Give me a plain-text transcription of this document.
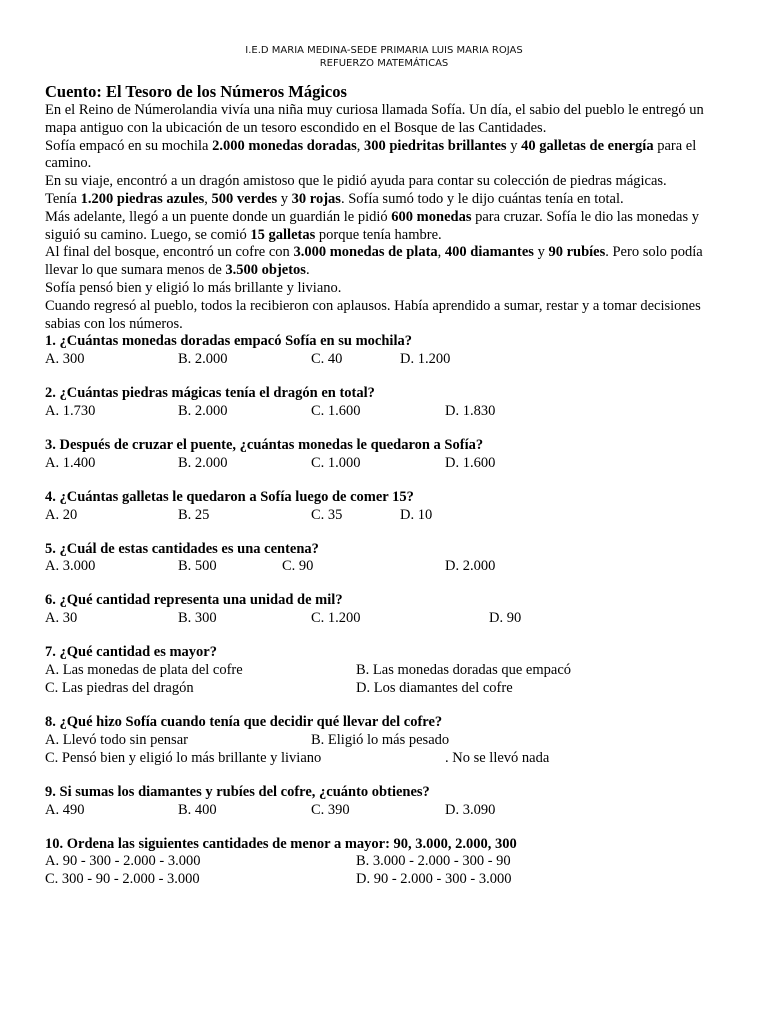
I.E.D MARIA MEDINA-SEDE PRIMARIA LUIS MARIA ROJAS
REFUERZO MATEMÁTICAS
Cuento: El Tesoro de los Números Mágicos

En el Reino de Númerolandia vivía una niña muy curiosa llamada Sofía. Un día, el sabio del pueblo le entregó un mapa antiguo con la ubicación de un tesoro escondido en el Bosque de las Cantidades.

Sofía empacó en su mochila 2.000 monedas doradas, 300 piedritas brillantes y 40 galletas de energía para el camino.

En su viaje, encontró a un dragón amistoso que le pidió ayuda para contar su colección de piedras mágicas.

Tenía 1.200 piedras azules, 500 verdes y 30 rojas. Sofía sumó todo y le dijo cuántas tenía en total.

Más adelante, llegó a un puente donde un guardián le pidió 600 monedas para cruzar. Sofía le dio las monedas y siguió su camino. Luego, se comió 15 galletas porque tenía hambre.

Al final del bosque, encontró un cofre con 3.000 monedas de plata, 400 diamantes y 90 rubíes. Pero solo podía llevar lo que sumara menos de 3.500 objetos.

Sofía pensó bien y eligió lo más brillante y liviano.

Cuando regresó al pueblo, todos la recibieron con aplausos. Había aprendido a sumar, restar y a tomar decisiones sabias con los números.

1. ¿Cuántas monedas doradas empacó Sofía en su mochila?

A. 300	B. 2.000	C. 40	D. 1.200

2. ¿Cuántas piedras mágicas tenía el dragón en total?

A. 1.730	B. 2.000	C. 1.600	D. 1.830

3. Después de cruzar el puente, ¿cuántas monedas le quedaron a Sofía?

A. 1.400	B. 2.000	C. 1.000	D. 1.600

4. ¿Cuántas galletas le quedaron a Sofía luego de comer 15?

A. 20	B. 25	C. 35	D. 10

5. ¿Cuál de estas cantidades es una centena?

A. 3.000	B. 500	C. 90	D. 2.000

6. ¿Qué cantidad representa una unidad de mil?

A. 30	B. 300	C. 1.200	D. 90

7. ¿Qué cantidad es mayor?

A. Las monedas de plata del cofre	B. Las monedas doradas que empacó
C. Las piedras del dragón	D. Los diamantes del cofre

8. ¿Qué hizo Sofía cuando tenía que decidir qué llevar del cofre?

A. Llevó todo sin pensar	B. Eligió lo más pesado
C. Pensó bien y eligió lo más brillante y liviano	. No se llevó nada

9. Si sumas los diamantes y rubíes del cofre, ¿cuánto obtienes?

A. 490	B. 400	C. 390	D. 3.090

10. Ordena las siguientes cantidades de menor a mayor: 90, 3.000, 2.000, 300

A. 90 - 300 - 2.000 - 3.000	B. 3.000 - 2.000 - 300 - 90
C. 300 - 90 - 2.000 - 3.000	D. 90 - 2.000 - 300 - 3.000
